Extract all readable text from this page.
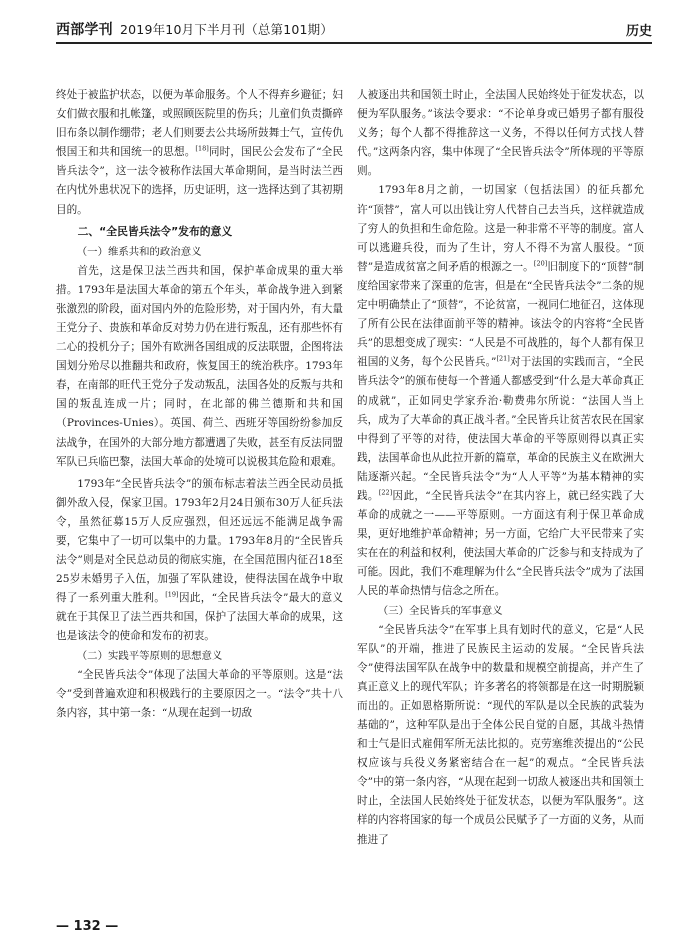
西部学刊 2019年10月下半月刊（总第101期）	历史

终处于被监护状态，以便为革命服务。个人不得弃乡避征；妇女们做衣服和扎帐篷，或照顾医院里的伤兵；儿童们负责撕碎旧布条以制作绷带；老人们则要去公共场所鼓舞士气，宣传仇恨国王和共和国统一的思想。[18]同时，国民公会发布了“全民皆兵法令”，这一法令被称作法国大革命期间，是当时法兰西在内忧外患状况下的选择，历史证明，这一选择达到了其初期目的。

二、“全民皆兵法令”发布的意义
（一）维系共和的政治意义

首先，这是保卫法兰西共和国，保护革命成果的重大举措。1793年是法国大革命的第五个年头，革命战争进入到紧张激烈的阶段，面对国内外的危险形势，对于国内外，有大量王党分子、贵族和革命反对势力仍在进行叛乱，还有那些怀有二心的投机分子；国外有欧洲各国组成的反法联盟，企图将法国划分殆尽以推翻共和政府，恢复国王的统治秩序。1793年春，在南部的旺代王党分子发动叛乱，法国各处的反叛与共和国的叛乱连成一片；同时，在北部的佛兰德斯和共和国（Provinces-Unies）。英国、荷兰、西班牙等国纷纷参加反法战争，在国外的大部分地方都遭遇了失败，甚至有反法同盟军队已兵临巴黎，法国大革命的处境可以说极其危险和艰难。

1793年“全民皆兵法令”的颁布标志着法兰西全民动员抵御外敌入侵，保家卫国。1793年2月24日颁布30万人征兵法令，虽然征募15万人反应强烈，但还远远不能满足战争需要，它集中了一切可以集中的力量。1793年8月的“全民皆兵法令”则是对全民总动员的彻底实施，在全国范围内征召18至25岁未婚男子入伍，加强了军队建设，使得法国在战争中取得了一系列重大胜利。[19]因此，“全民皆兵法令”最大的意义就在于其保卫了法兰西共和国，保护了法国大革命的成果，这也是该法令的使命和发布的初衷。

（二）实践平等原则的思想意义

“全民皆兵法令”体现了法国大革命的平等原则。这是“法令”受到普遍欢迎和积极践行的主要原因之一。“法令”共十八条内容，其中第一条：“从现在起到一切敌

人被逐出共和国领土时止，全法国人民始终处于征发状态，以便为军队服务。”该法令要求：“不论单身或已婚男子都有服役义务；每个人都不得推辞这一义务，不得以任何方式找人替代。”这两条内容，集中体现了“全民皆兵法令”所体现的平等原则。

1793年8月之前，一切国家（包括法国）的征兵都允许“顶替”，富人可以出钱让穷人代替自己去当兵，这样就造成了穷人的负担和生命危险。这是一种非常不平等的制度。富人可以逃避兵役，而为了生计，穷人不得不为富人服役。“顶替”是造成贫富之间矛盾的根源之一。[20]旧制度下的“顶替”制度给国家带来了深重的危害，但是在“全民皆兵法令”二条的规定中明确禁止了“顶替”，不论贫富，一视同仁地征召，这体现了所有公民在法律面前平等的精神。该法令的内容将“全民皆兵”的思想变成了现实：“人民是不可战胜的，每个人都有保卫祖国的义务，每个公民皆兵。”[21]对于法国的实践而言，“全民皆兵法令”的颁布使每一个普通人都感受到“什么是大革命真正的成就”，正如同史学家乔治·勒费弗尔所说：“法国人当上兵，成为了大革命的真正战斗者。”全民皆兵让贫苦农民在国家中得到了平等的对待，使法国大革命的平等原则得以真正实践，法国革命也从此拉开新的篇章，革命的民族主义在欧洲大陆逐渐兴起。“全民皆兵法令”为“人人平等”为基本精神的实践。[22]因此，“全民皆兵法令”在其内容上，就已经实践了大革命的成就之一——平等原则。一方面这有利于保卫革命成果，更好地维护革命精神；另一方面，它给广大平民带来了实实在在的利益和权利，使法国大革命的广泛参与和支持成为了可能。因此，我们不难理解为什么“全民皆兵法令”成为了法国人民的革命热情与信念之所在。

（三）全民皆兵的军事意义

“全民皆兵法令”在军事上具有划时代的意义，它是“人民军队”的开端，推进了民族民主运动的发展。“全民皆兵法令”使得法国军队在战争中的数量和规模空前提高，并产生了真正意义上的现代军队；许多著名的将领都是在这一时期脱颖而出的。正如恩格斯所说：“现代的军队是以全民族的武装为基础的”，这种军队是出于全体公民自觉的自愿，其战斗热情和士气是旧式雇佣军所无法比拟的。克劳塞维茨提出的“公民权应该与兵役义务紧密结合在一起”的观点。“全民皆兵法令”中的第一条内容，“从现在起到一切敌人被逐出共和国领土时止，全法国人民始终处于征发状态，以便为军队服务”。这样的内容将国家的每一个成员公民赋予了一方面的义务，从而推进了

— 132 —
